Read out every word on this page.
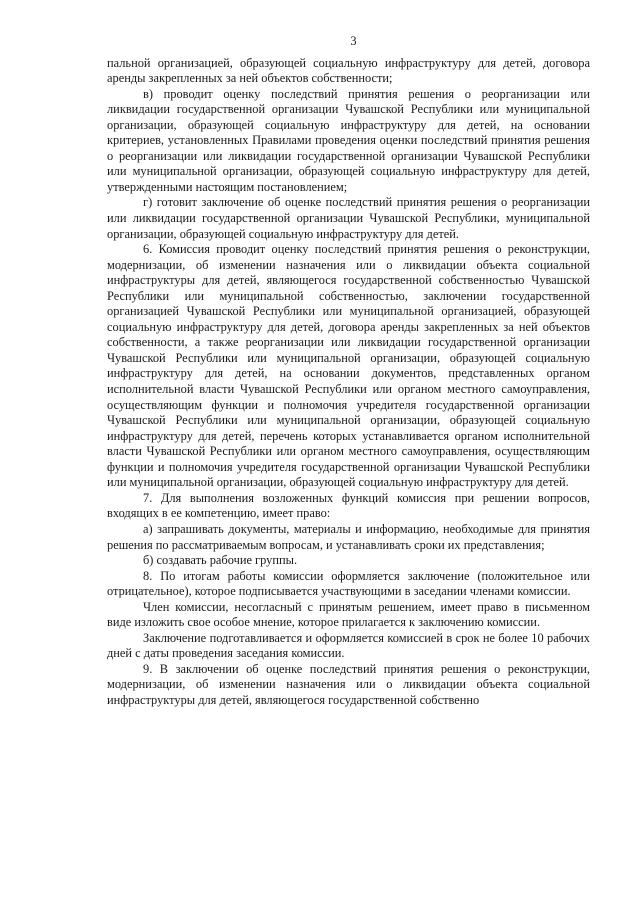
3

пальной организацией, образующей социальную инфраструктуру для детей, договора аренды закрепленных за ней объектов собственности;

в) проводит оценку последствий принятия решения о реорганизации или ликвидации государственной организации Чувашской Республики или муниципальной организации, образующей социальную инфраструктуру для детей, на основании критериев, установленных Правилами проведения оценки последствий принятия решения о реорганизации или ликвидации государственной организации Чувашской Республики или муниципальной организации, образующей социальную инфраструктуру для детей, утвержденными настоящим постановлением;

г) готовит заключение об оценке последствий принятия решения о реорганизации или ликвидации государственной организации Чувашской Республики, муниципальной организации, образующей социальную инфраструктуру для детей.

6. Комиссия проводит оценку последствий принятия решения о реконструкции, модернизации, об изменении назначения или о ликвидации объекта социальной инфраструктуры для детей, являющегося государственной собственностью Чувашской Республики или муниципальной собственностью, заключении государственной организацией Чувашской Республики или муниципальной организацией, образующей социальную инфраструктуру для детей, договора аренды закрепленных за ней объектов собственности, а также реорганизации или ликвидации государственной организации Чувашской Республики или муниципальной организации, образующей социальную инфраструктуру для детей, на основании документов, представленных органом исполнительной власти Чувашской Республики или органом местного самоуправления, осуществляющим функции и полномочия учредителя государственной организации Чувашской Республики или муниципальной организации, образующей социальную инфраструктуру для детей, перечень которых устанавливается органом исполнительной власти Чувашской Республики или органом местного самоуправления, осуществляющим функции и полномочия учредителя государственной организации Чувашской Республики или муниципальной организации, образующей социальную инфраструктуру для детей.

7. Для выполнения возложенных функций комиссия при решении вопросов, входящих в ее компетенцию, имеет право:

а) запрашивать документы, материалы и информацию, необходимые для принятия решения по рассматриваемым вопросам, и устанавливать сроки их представления;

б) создавать рабочие группы.

8. По итогам работы комиссии оформляется заключение (положительное или отрицательное), которое подписывается участвующими в заседании членами комиссии.

Член комиссии, несогласный с принятым решением, имеет право в письменном виде изложить свое особое мнение, которое прилагается к заключению комиссии.

Заключение подготавливается и оформляется комиссией в срок не более 10 рабочих дней с даты проведения заседания комиссии.

9. В заключении об оценке последствий принятия решения о реконструкции, модернизации, об изменении назначения или о ликвидации объекта социальной инфраструктуры для детей, являющегося государственной собственно
